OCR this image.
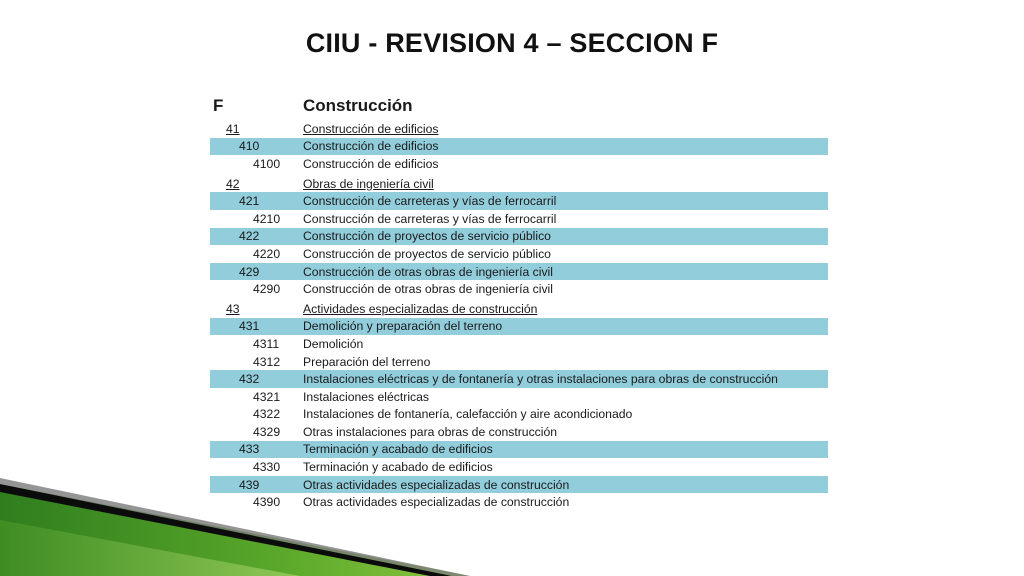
CIIU - REVISION 4 – SECCION F
F	Construcción
41	Construcción de edificios
410	Construcción de edificios
4100 Construcción de edificios
42	Obras de ingeniería civil
421	Construcción de carreteras y vías de ferrocarril
4210 Construcción de carreteras y vías de ferrocarril
422	Construcción de proyectos de servicio público
4220 Construcción de proyectos de servicio público
429	Construcción de otras obras de ingeniería civil
4290 Construcción de otras obras de ingeniería civil
43	Actividades especializadas de construcción
431	Demolición y preparación del terreno
4311 Demolición
4312 Preparación del terreno
432	Instalaciones eléctricas y de fontanería y otras instalaciones para obras de construcción
4321 Instalaciones eléctricas
4322 Instalaciones de fontanería, calefacción y aire acondicionado
4329 Otras instalaciones para obras de construcción
433	Terminación y acabado de edificios
4330 Terminación y acabado de edificios
439	Otras actividades especializadas de construcción
4390 Otras actividades especializadas de construcción
